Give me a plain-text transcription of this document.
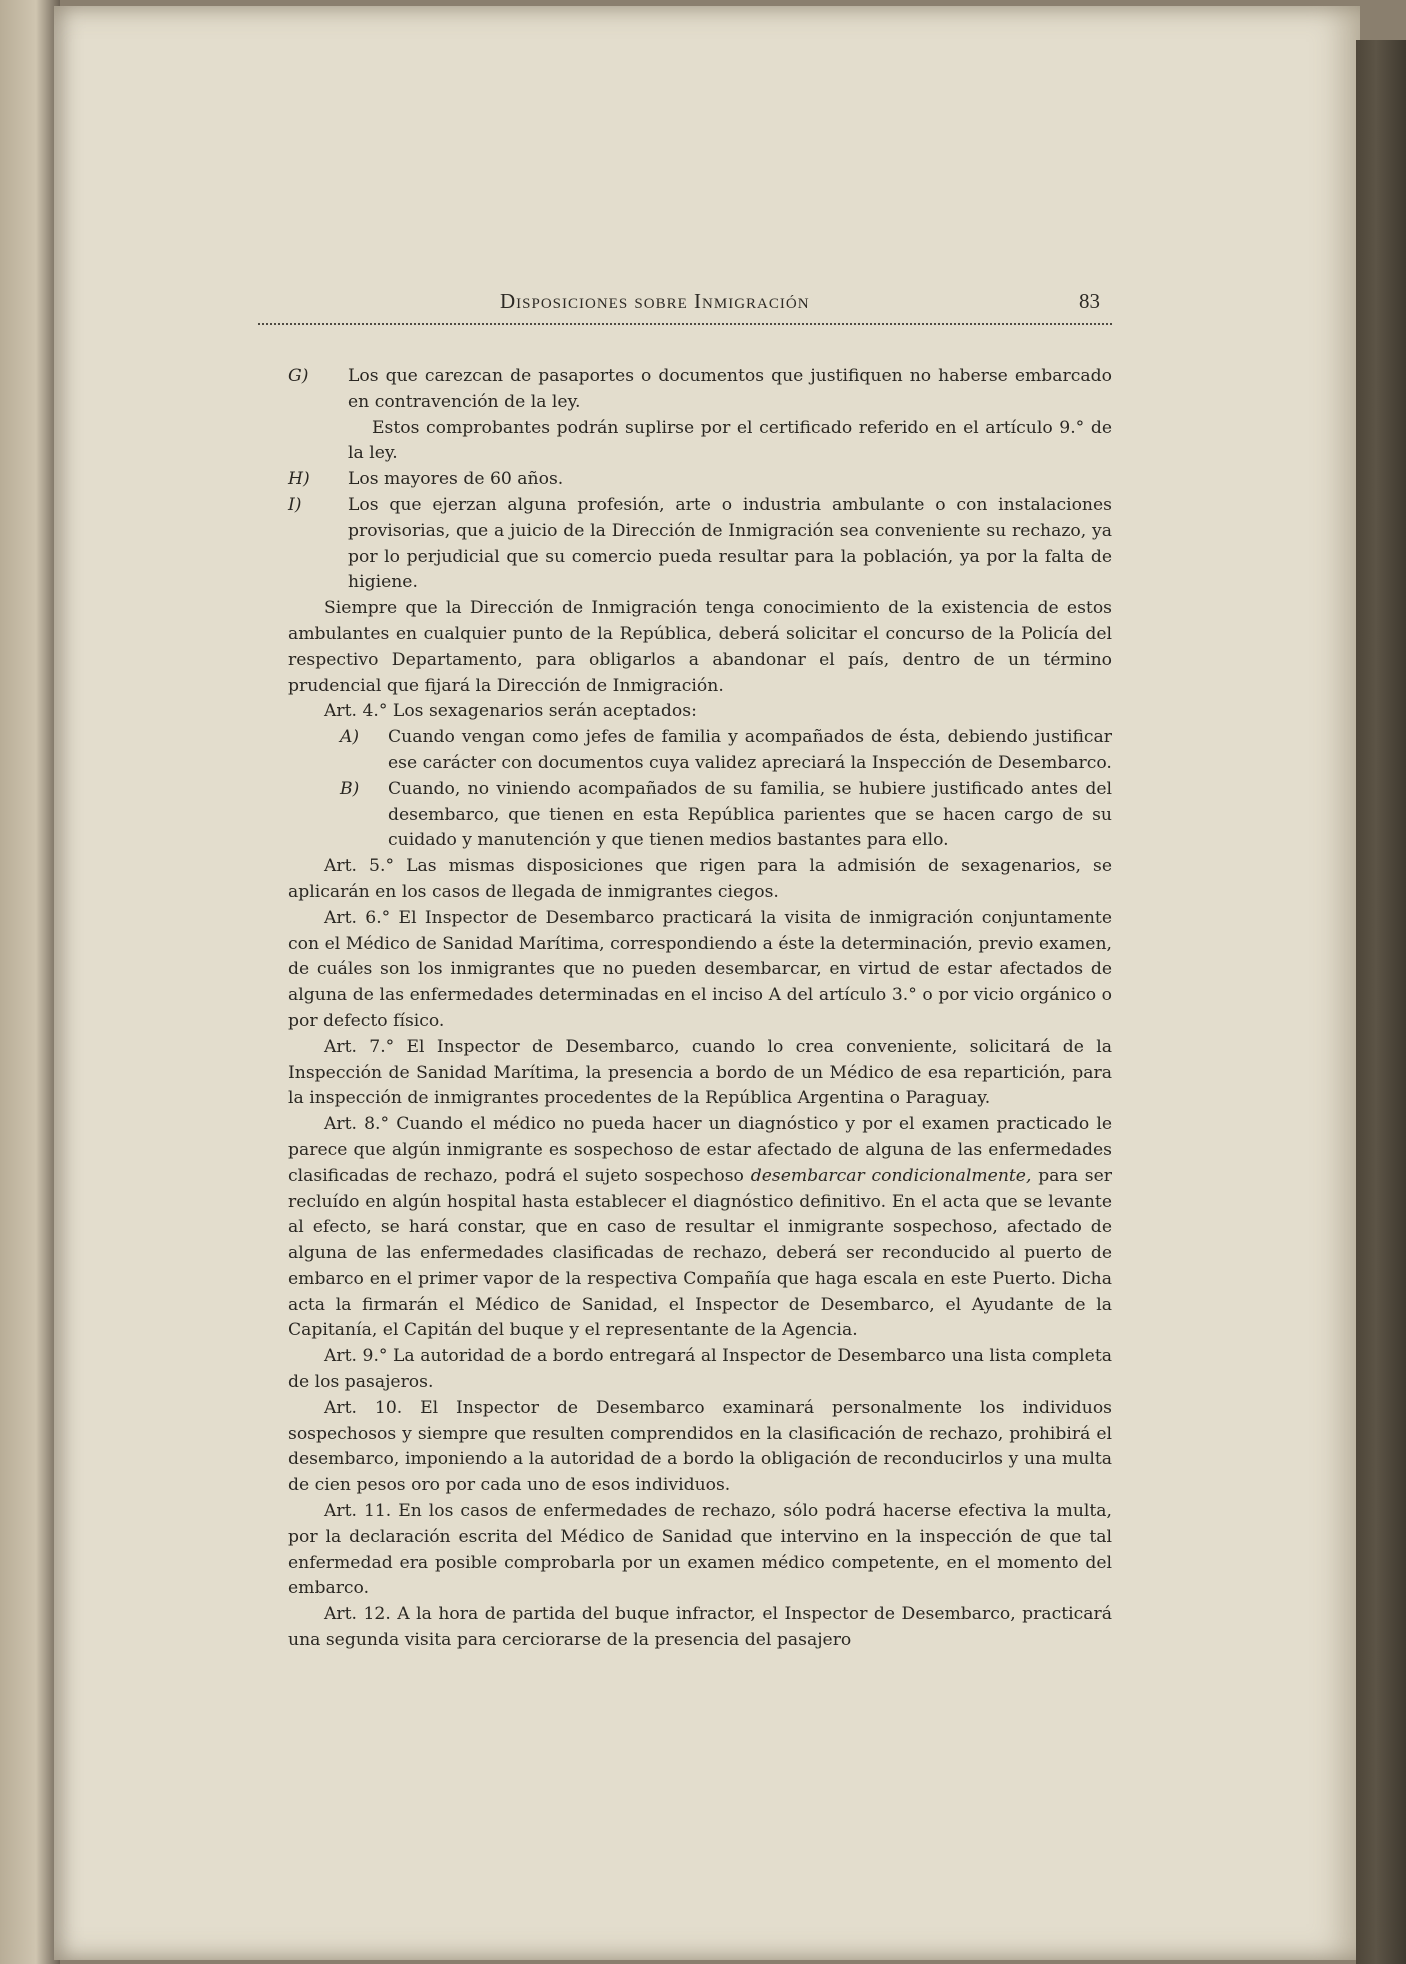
Disposiciones sobre Inmigración	83
G)	Los que carezcan de pasaportes o documentos que justifiquen no haberse embarcado en contravención de la ley.
Estos comprobantes podrán suplirse por el certificado referido en el artículo 9.° de la ley.
H)	Los mayores de 60 años.
I)	Los que ejerzan alguna profesión, arte o industria ambulante o con instalaciones provisorias, que a juicio de la Dirección de Inmigración sea conveniente su rechazo, ya por lo perjudicial que su comercio pueda resultar para la población, ya por la falta de higiene.

Siempre que la Dirección de Inmigración tenga conocimiento de la existencia de estos ambulantes en cualquier punto de la República, deberá solicitar el concurso de la Policía del respectivo Departamento, para obligarlos a abandonar el país, dentro de un término prudencial que fijará la Dirección de Inmigración.

Art. 4.° Los sexagenarios serán aceptados:

A)	Cuando vengan como jefes de familia y acompañados de ésta, debiendo justificar ese carácter con documentos cuya validez apreciará la Inspección de Desembarco.
B)	Cuando, no viniendo acompañados de su familia, se hubiere justificado antes del desembarco, que tienen en esta República parientes que se hacen cargo de su cuidado y manutención y que tienen medios bastantes para ello.

Art. 5.° Las mismas disposiciones que rigen para la admisión de sexagenarios, se aplicarán en los casos de llegada de inmigrantes ciegos.

Art. 6.° El Inspector de Desembarco practicará la visita de inmigración conjuntamente con el Médico de Sanidad Marítima, correspondiendo a éste la determinación, previo examen, de cuáles son los inmigrantes que no pueden desembarcar, en virtud de estar afectados de alguna de las enfermedades determinadas en el inciso A del artículo 3.° o por vicio orgánico o por defecto físico.

Art. 7.° El Inspector de Desembarco, cuando lo crea conveniente, solicitará de la Inspección de Sanidad Marítima, la presencia a bordo de un Médico de esa repartición, para la inspección de inmigrantes procedentes de la República Argentina o Paraguay.

Art. 8.° Cuando el médico no pueda hacer un diagnóstico y por el examen practicado le parece que algún inmigrante es sospechoso de estar afectado de alguna de las enfermedades clasificadas de rechazo, podrá el sujeto sospechoso desembarcar condicionalmente, para ser recluído en algún hospital hasta establecer el diagnóstico definitivo. En el acta que se levante al efecto, se hará constar, que en caso de resultar el inmigrante sospechoso, afectado de alguna de las enfermedades clasificadas de rechazo, deberá ser reconducido al puerto de embarco en el primer vapor de la respectiva Compañía que haga escala en este Puerto. Dicha acta la firmarán el Médico de Sanidad, el Inspector de Desembarco, el Ayudante de la Capitanía, el Capitán del buque y el representante de la Agencia.

Art. 9.° La autoridad de a bordo entregará al Inspector de Desembarco una lista completa de los pasajeros.

Art. 10. El Inspector de Desembarco examinará personalmente los individuos sospechosos y siempre que resulten comprendidos en la clasificación de rechazo, prohibirá el desembarco, imponiendo a la autoridad de a bordo la obligación de reconducirlos y una multa de cien pesos oro por cada uno de esos individuos.

Art. 11. En los casos de enfermedades de rechazo, sólo podrá hacerse efectiva la multa, por la declaración escrita del Médico de Sanidad que intervino en la inspección de que tal enfermedad era posible comprobarla por un examen médico competente, en el momento del embarco.

Art. 12. A la hora de partida del buque infractor, el Inspector de Desembarco, practicará una segunda visita para cerciorarse de la presencia del pasajero
